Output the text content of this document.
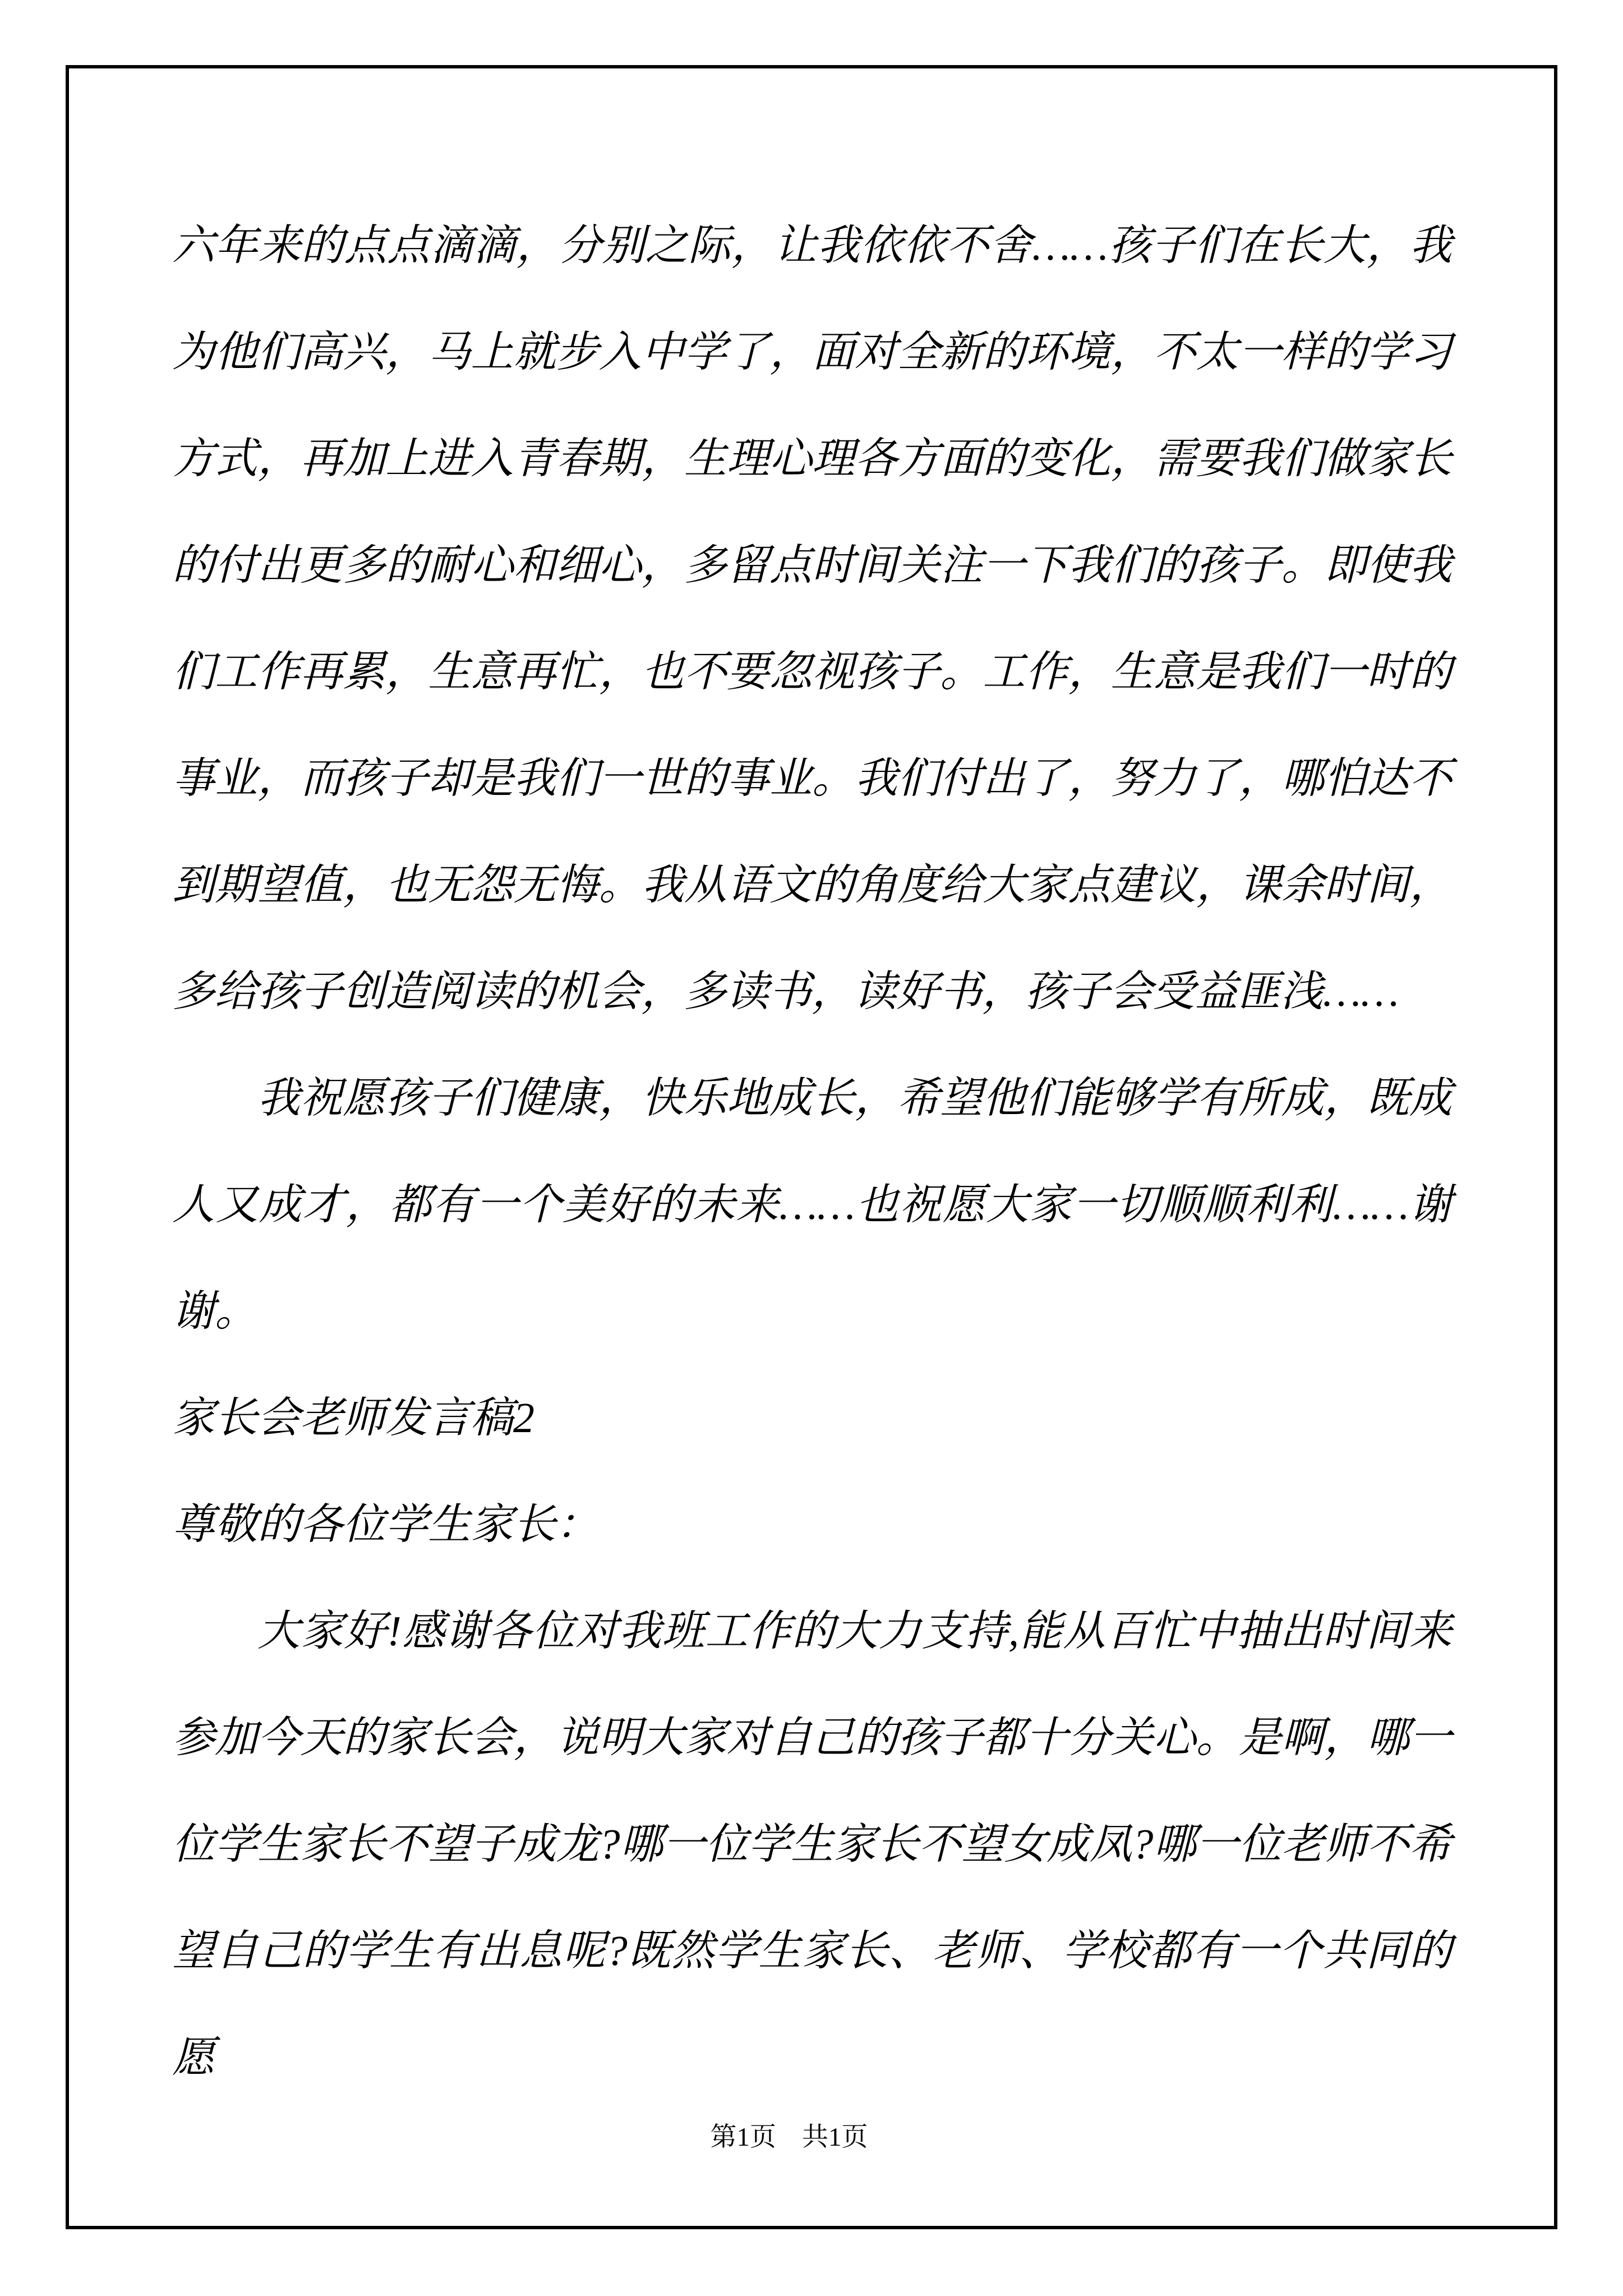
六年来的点点滴滴，分别之际，让我依依不舍……孩子们在长大，我
为他们高兴，马上就步入中学了，面对全新的环境，不太一样的学习
方式，再加上进入青春期，生理心理各方面的变化，需要我们做家长
的付出更多的耐心和细心，多留点时间关注一下我们的孩子。即使我
们工作再累，生意再忙，也不要忽视孩子。工作，生意是我们一时的
事业，而孩子却是我们一世的事业。我们付出了，努力了，哪怕达不
到期望值，也无怨无悔。我从语文的角度给大家点建议，课余时间，
多给孩子创造阅读的机会，多读书，读好书，孩子会受益匪浅……
我祝愿孩子们健康，快乐地成长，希望他们能够学有所成，既成
人又成才，都有一个美好的未来……也祝愿大家一切顺顺利利……谢
谢。
家长会老师发言稿2
尊敬的各位学生家长：
大家好!感谢各位对我班工作的大力支持,能从百忙中抽出时间来
参加今天的家长会，说明大家对自己的孩子都十分关心。是啊，哪一
位学生家长不望子成龙?哪一位学生家长不望女成凤?哪一位老师不希
望自己的学生有出息呢?既然学生家长、老师、学校都有一个共同的愿
第1页 共1页
